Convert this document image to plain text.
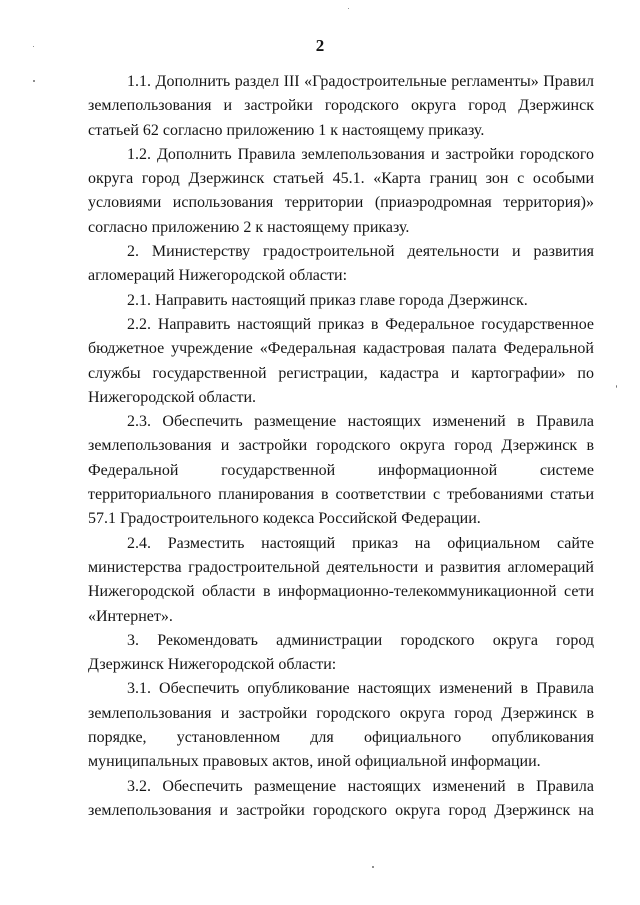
2

1.1. Дополнить раздел III «Градостроительные регламенты» Правил землепользования и застройки городского округа город Дзержинск статьей 62 согласно приложению 1 к настоящему приказу.

1.2. Дополнить Правила землепользования и застройки городского округа город Дзержинск статьей 45.1. «Карта границ зон с особыми условиями использования территории (приаэродромная территория)» согласно приложению 2 к настоящему приказу.

2. Министерству градостроительной деятельности и развития агломераций Нижегородской области:

2.1. Направить настоящий приказ главе города Дзержинск.

2.2. Направить настоящий приказ в Федеральное государственное бюджетное учреждение «Федеральная кадастровая палата Федеральной службы государственной регистрации, кадастра и картографии» по Нижегородской области.

2.3. Обеспечить размещение настоящих изменений в Правила землепользования и застройки городского округа город Дзержинск в Федеральной государственной информационной системе территориального планирования в соответствии с требованиями статьи 57.1 Градостроительного кодекса Российской Федерации.

2.4. Разместить настоящий приказ на официальном сайте министерства градостроительной деятельности и развития агломераций Нижегородской области в информационно-телекоммуникационной сети «Интернет».

3. Рекомендовать администрации городского округа город Дзержинск Нижегородской области:

3.1. Обеспечить опубликование настоящих изменений в Правила землепользования и застройки городского округа город Дзержинск в порядке, установленном для официального опубликования муниципальных правовых актов, иной официальной информации.

3.2. Обеспечить размещение настоящих изменений в Правила землепользования и застройки городского округа город Дзержинск на
